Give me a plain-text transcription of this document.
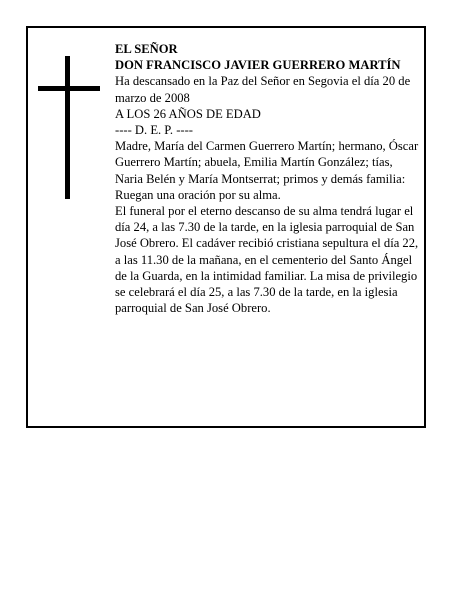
EL SEÑOR

DON FRANCISCO JAVIER GUERRERO MARTÍN

Ha descansado en la Paz del Señor en Segovia el día 20 de marzo de 2008

A LOS 26 AÑOS DE EDAD

---- D. E. P. ----

Madre, María del Carmen Guerrero Martín; hermano, Óscar Guerrero Martín; abuela, Emilia Martín González; tías, Naria Belén y María Montserrat; primos y demás familia:

Ruegan una oración por su alma.

El funeral por el eterno descanso de su alma tendrá lugar el día 24, a las 7.30 de la tarde, en la iglesia parroquial de San José Obrero. El cadáver recibió cristiana sepultura el día 22, a las 11.30 de la mañana, en el cementerio del Santo Ángel de la Guarda, en la intimidad familiar. La misa de privilegio se celebrará el día 25, a las 7.30 de la tarde, en la iglesia parroquial de San José Obrero.
